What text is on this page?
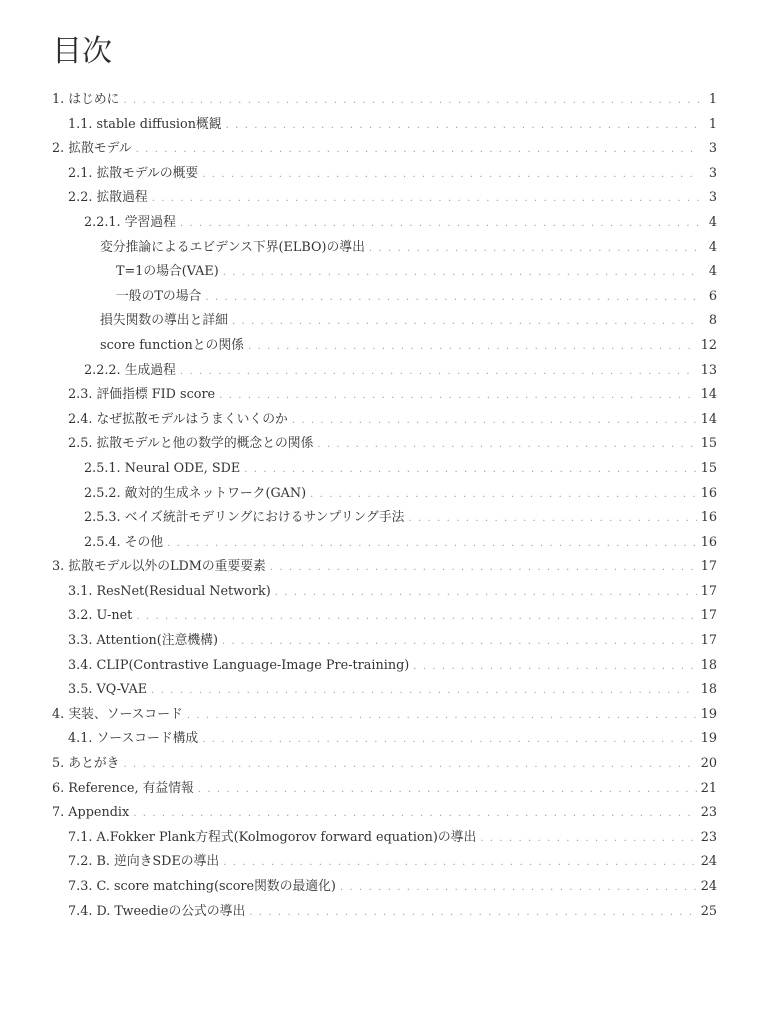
目次
1. はじめに . . .	1
1.1. stable diffusion概観 . . .	1
2. 拡散モデル . . .	3
2.1. 拡散モデルの概要 . . .	3
2.2. 拡散過程 . . .	3
2.2.1. 学習過程 . . .	4
変分推論によるエビデンス下界(ELBO)の導出 . . .	4
T=1の場合(VAE) . . .	4
一般のTの場合 . . .	6
損失関数の導出と詳細 . . .	8
score functionとの関係 . . .	12
2.2.2. 生成過程 . . .	13
2.3. 評価指標 FID score . . .	14
2.4. なぜ拡散モデルはうまくいくのか . . .	14
2.5. 拡散モデルと他の数学的概念との関係 . . .	15
2.5.1. Neural ODE, SDE . . .	15
2.5.2. 敵対的生成ネットワーク(GAN) . . .	16
2.5.3. ベイズ統計モデリングにおけるサンプリング手法 . . .	16
2.5.4. その他 . . .	16
3. 拡散モデル以外のLDMの重要要素 . . .	17
3.1. ResNet(Residual Network) . . .	17
3.2. U-net . . .	17
3.3. Attention(注意機構) . . .	17
3.4. CLIP(Contrastive Language-Image Pre-training) . . .	18
3.5. VQ-VAE . . .	18
4. 実装、ソースコード . . .	19
4.1. ソースコード構成 . . .	19
5. あとがき . . .	20
6. Reference, 有益情報 . . .	21
7. Appendix . . .	23
7.1. A.Fokker Plank方程式(Kolmogorov forward equation)の導出 . . .	23
7.2. B. 逆向きSDEの導出 . . .	24
7.3. C. score matching(score関数の最適化) . . .	24
7.4. D. Tweedieの公式の導出 . . .	25
